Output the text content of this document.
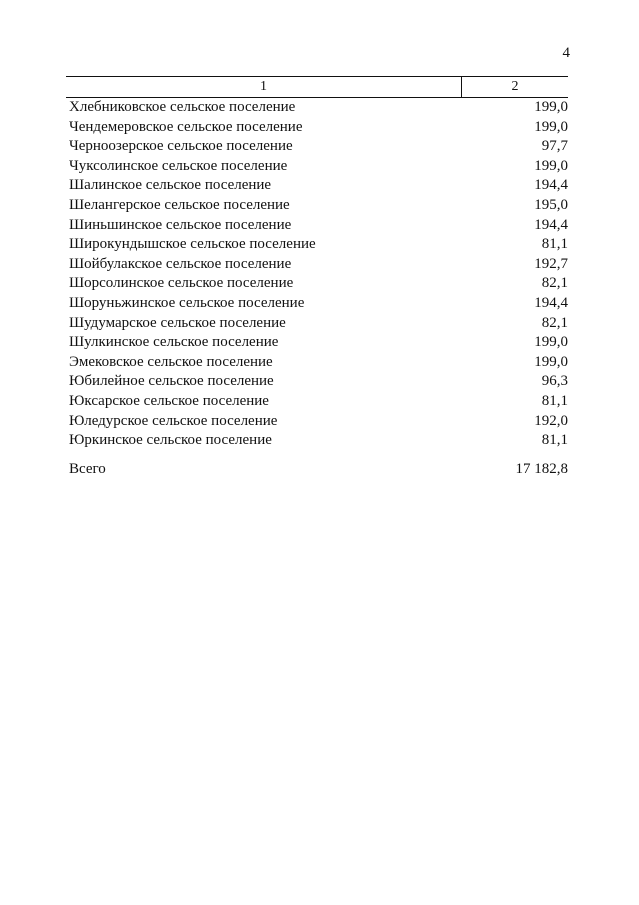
4
1	2
Хлебниковское сельское поселение	199,0
Чендемеровское сельское поселение	199,0
Черноозерское сельское поселение	97,7
Чуксолинское сельское поселение	199,0
Шалинское сельское поселение	194,4
Шелангерское сельское поселение	195,0
Шиньшинское сельское поселение	194,4
Широкундышское сельское поселение	81,1
Шойбулакское сельское поселение	192,7
Шорсолинское сельское поселение	82,1
Шоруньжинское сельское поселение	194,4
Шудумарское сельское поселение	82,1
Шулкинское сельское поселение	199,0
Эмековское сельское поселение	199,0
Юбилейное сельское поселение	96,3
Юксарское сельское поселение	81,1
Юледурское сельское поселение	192,0
Юркинское сельское поселение	81,1
Всего	17 182,8
